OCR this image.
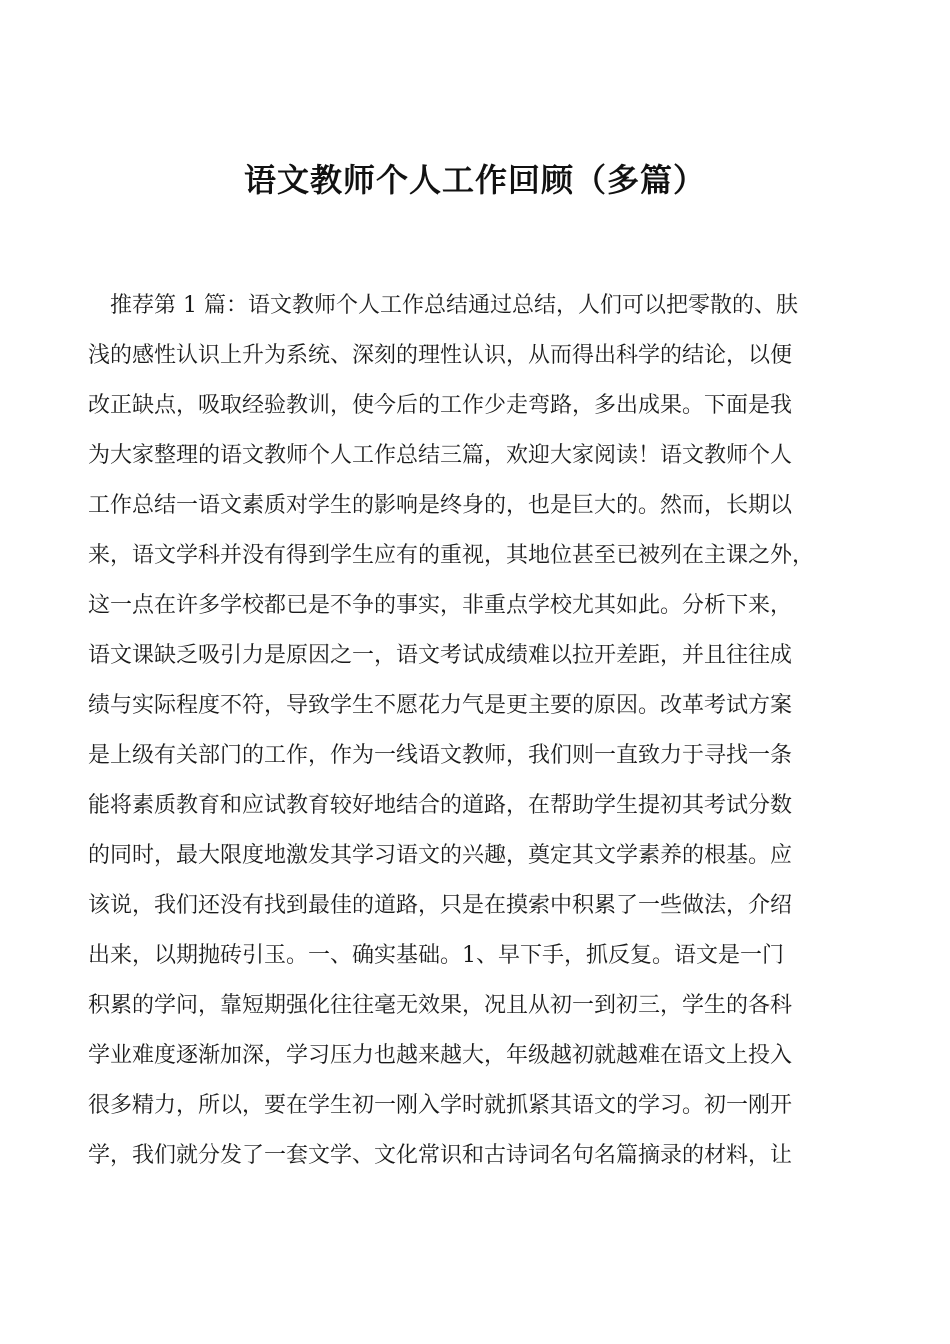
语文教师个人工作回顾（多篇）
　推荐第 1 篇：语文教师个人工作总结通过总结，人们可以把零散的、肤
浅的感性认识上升为系统、深刻的理性认识，从而得出科学的结论，以便
改正缺点，吸取经验教训，使今后的工作少走弯路，多出成果。下面是我
为大家整理的语文教师个人工作总结三篇，欢迎大家阅读！语文教师个人
工作总结一语文素质对学生的影响是终身的，也是巨大的。然而，长期以
来，语文学科并没有得到学生应有的重视，其地位甚至已被列在主课之外，
这一点在许多学校都已是不争的事实，非重点学校尤其如此。分析下来，
语文课缺乏吸引力是原因之一，语文考试成绩难以拉开差距，并且往往成
绩与实际程度不符，导致学生不愿花力气是更主要的原因。改革考试方案
是上级有关部门的工作，作为一线语文教师，我们则一直致力于寻找一条
能将素质教育和应试教育较好地结合的道路，在帮助学生提初其考试分数
的同时，最大限度地激发其学习语文的兴趣，奠定其文学素养的根基。应
该说，我们还没有找到最佳的道路，只是在摸索中积累了一些做法，介绍
出来，以期抛砖引玉。一、确实基础。1、早下手，抓反复。语文是一门
积累的学问，靠短期强化往往毫无效果，况且从初一到初三，学生的各科
学业难度逐渐加深，学习压力也越来越大，年级越初就越难在语文上投入
很多精力，所以，要在学生初一刚入学时就抓紧其语文的学习。初一刚开
学，我们就分发了一套文学、文化常识和古诗词名句名篇摘录的材料，让
